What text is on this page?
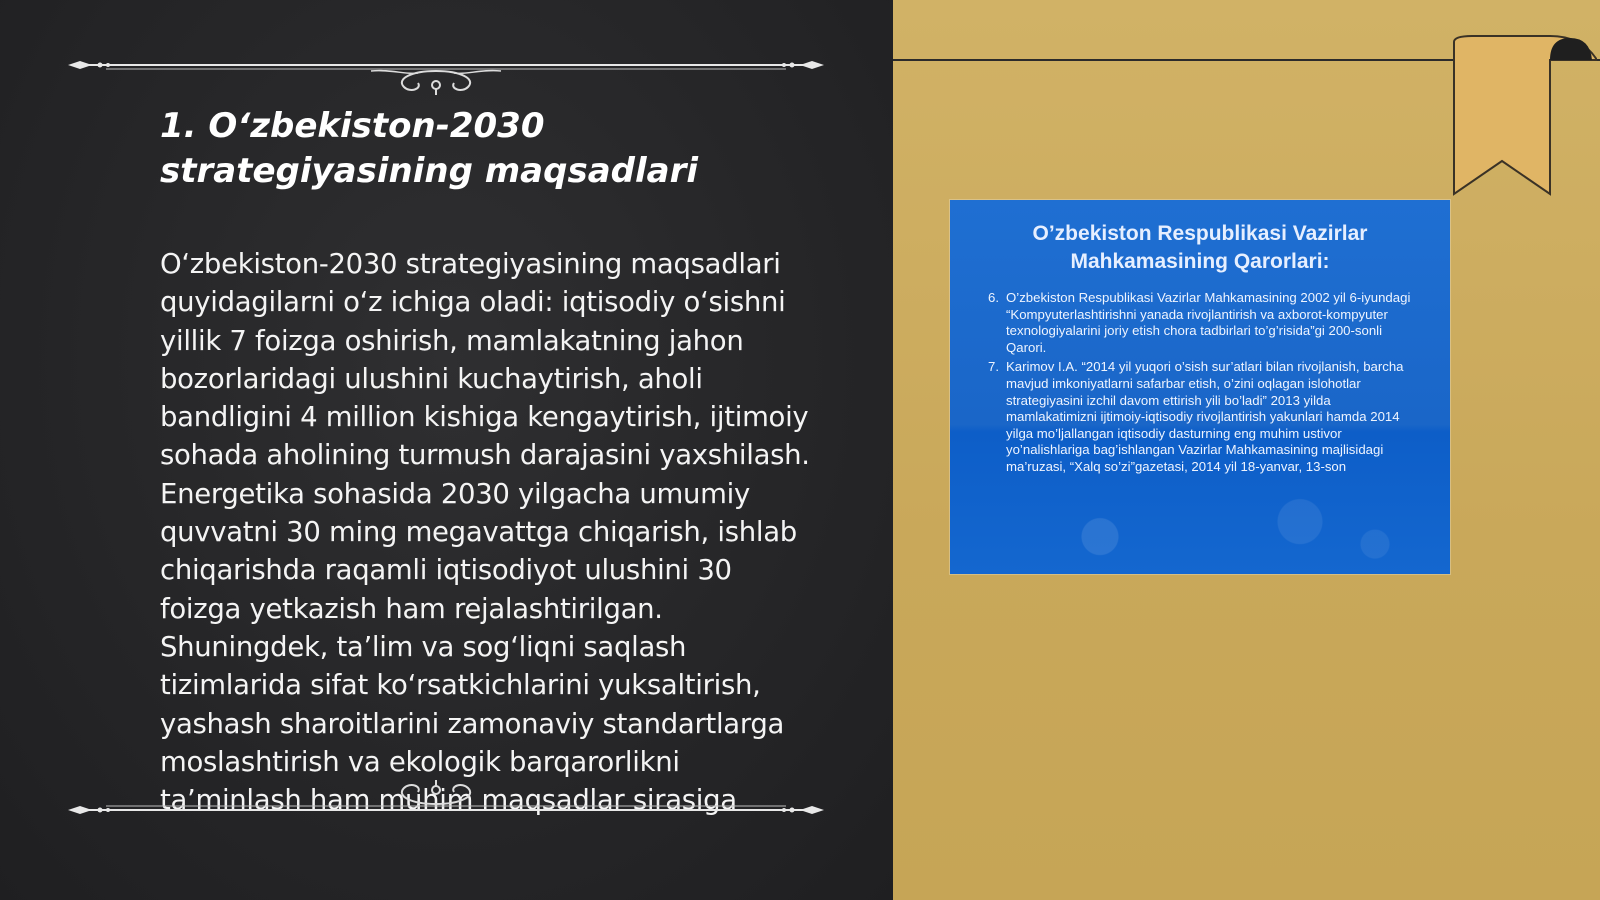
1. O‘zbekiston-2030 strategiyasining maqsadlari

O‘zbekiston-2030 strategiyasining maqsadlari quyidagilarni o‘z ichiga oladi: iqtisodiy o‘sishni yillik 7 foizga oshirish, mamlakatning jahon bozorlaridagi ulushini kuchaytirish, aholi bandligini 4 million kishiga kengaytirish, ijtimoiy sohada aholining turmush darajasini yaxshilash. Energetika sohasida 2030 yilgacha umumiy quvvatni 30 ming megavattga chiqarish, ishlab chiqarishda raqamli iqtisodiyot ulushini 30 foizga yetkazish ham rejalashtirilgan. Shuningdek, ta’lim va sog‘liqni saqlash tizimlarida sifat ko‘rsatkichlarini yuksaltirish, yashash sharoitlarini zamonaviy standartlarga moslashtirish va ekologik barqarorlikni ta’minlash ham muhim maqsadlar sirasiga

O’zbekiston Respublikasi Vazirlar Mahkamasining Qarorlari:
6. O’zbekiston Respublikasi Vazirlar Mahkamasining 2002 yil 6-iyundagi “Kompyuterlashtirishni yanada rivojlantirish va axborot-kompyuter texnologiyalarini joriy etish chora tadbirlari to’g’risida”gi 200-sonli Qarori.
7. Karimov I.A. “2014 yil yuqori o’sish sur’atlari bilan rivojlanish, barcha mavjud imkoniyatlarni safarbar etish, o’zini oqlagan islohotlar strategiyasini izchil davom ettirish yili bo’ladi” 2013 yilda mamlakatimizni ijtimoiy-iqtisodiy rivojlantirish yakunlari hamda 2014 yilga mo’ljallangan iqtisodiy dasturning eng muhim ustivor yo’nalishlariga bag’ishlangan Vazirlar Mahkamasining majlisidagi ma’ruzasi, “Xalq so’zi”gazetasi, 2014 yil 18-yanvar, 13-son
